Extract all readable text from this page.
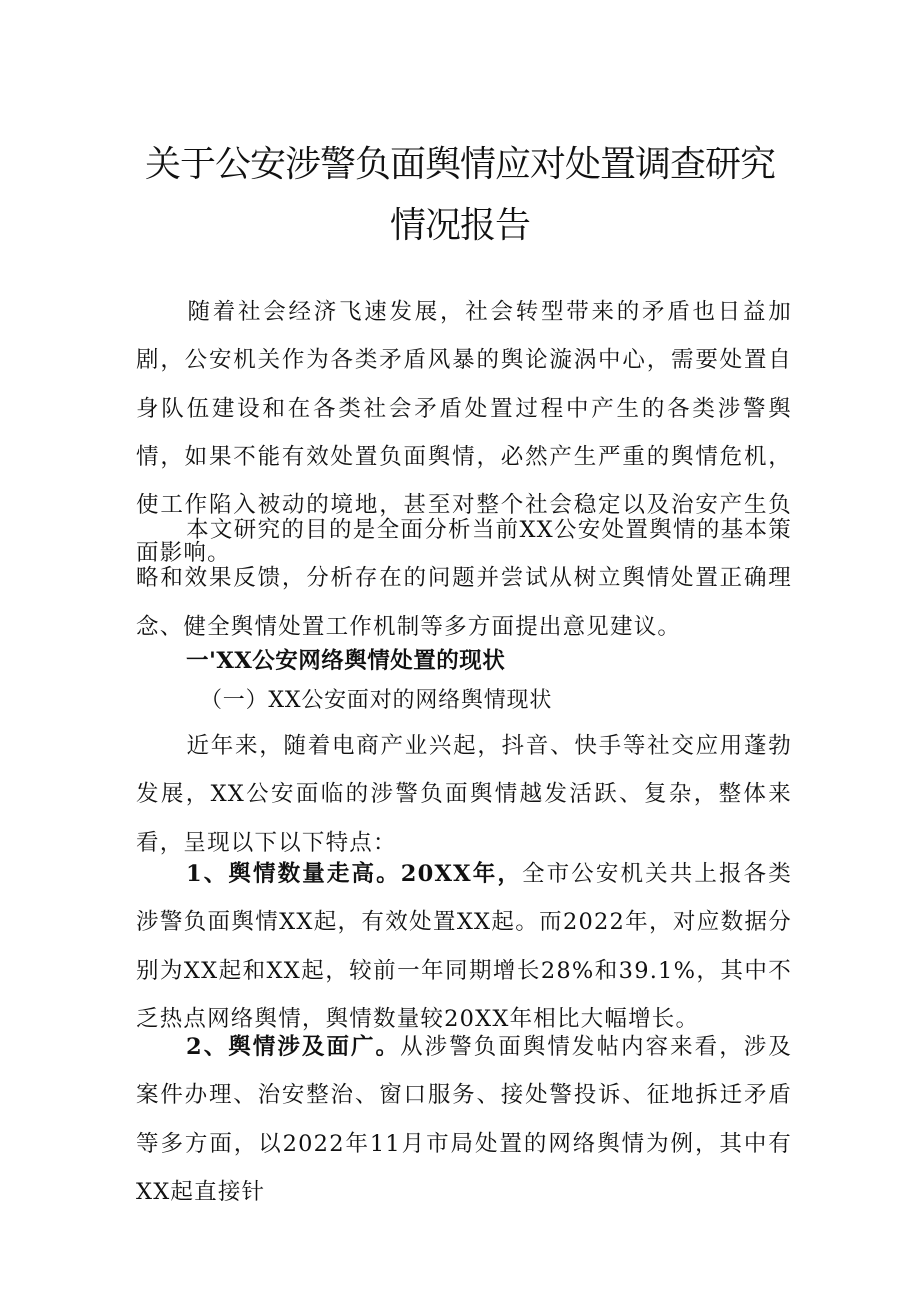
关于公安涉警负面舆情应对处置调查研究
情况报告
随着社会经济飞速发展，社会转型带来的矛盾也日益加剧，公安机关作为各类矛盾风暴的舆论漩涡中心，需要处置自身队伍建设和在各类社会矛盾处置过程中产生的各类涉警舆情，如果不能有效处置负面舆情，必然产生严重的舆情危机，使工作陷入被动的境地，甚至对整个社会稳定以及治安产生负面影响。
本文研究的目的是全面分析当前XX公安处置舆情的基本策略和效果反馈，分析存在的问题并尝试从树立舆情处置正确理念、健全舆情处置工作机制等多方面提出意见建议。
一'XX公安网络舆情处置的现状
（一）XX公安面对的网络舆情现状
近年来，随着电商产业兴起，抖音、快手等社交应用蓬勃发展，XX公安面临的涉警负面舆情越发活跃、复杂，整体来看，呈现以下以下特点：
1、舆情数量走高。20XX年，全市公安机关共上报各类涉警负面舆情XX起，有效处置XX起。而2022年，对应数据分别为XX起和XX起，较前一年同期增长28%和39.1%，其中不乏热点网络舆情，舆情数量较20XX年相比大幅增长。
2、舆情涉及面广。从涉警负面舆情发帖内容来看，涉及案件办理、治安整治、窗口服务、接处警投诉、征地拆迁矛盾等多方面，以2022年11月市局处置的网络舆情为例，其中有XX起直接针
